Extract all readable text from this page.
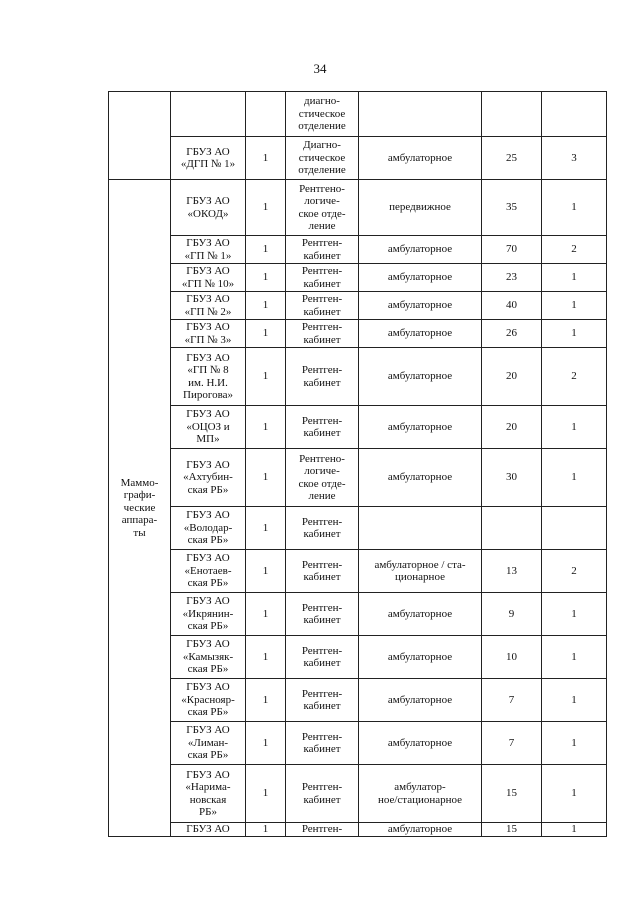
34

			диагно-
стическое
отделение			

	ГБУЗ АО
«ДГП № 1»	1	Диагно-
стическое
отделение	амбулаторное	25	3

Маммо-
графи-
ческие
аппара-
ты	ГБУЗ АО
«ОКОД»	1	Рентгено-
логиче-
ское отде-
ление	передвижное	35	1

	ГБУЗ АО
«ГП № 1»	1	Рентген-
кабинет	амбулаторное	70	2

	ГБУЗ АО
«ГП № 10»	1	Рентген-
кабинет	амбулаторное	23	1

	ГБУЗ АО
«ГП № 2»	1	Рентген-
кабинет	амбулаторное	40	1

	ГБУЗ АО
«ГП № 3»	1	Рентген-
кабинет	амбулаторное	26	1

	ГБУЗ АО
«ГП № 8
им. Н.И.
Пирогова»	1	Рентген-
кабинет	амбулаторное	20	2

	ГБУЗ АО
«ОЦОЗ и
МП»	1	Рентген-
кабинет	амбулаторное	20	1

	ГБУЗ АО
«Ахтубин-
ская РБ»	1	Рентгено-
логиче-
ское отде-
ление	амбулаторное	30	1

	ГБУЗ АО
«Володар-
ская РБ»	1	Рентген-
кабинет			

	ГБУЗ АО
«Енотаев-
ская РБ»	1	Рентген-
кабинет	амбулаторное / ста-
ционарное	13	2

	ГБУЗ АО
«Икрянин-
ская РБ»	1	Рентген-
кабинет	амбулаторное	9	1

	ГБУЗ АО
«Камызяк-
ская РБ»	1	Рентген-
кабинет	амбулаторное	10	1

	ГБУЗ АО
«Краснояр-
ская РБ»	1	Рентген-
кабинет	амбулаторное	7	1

	ГБУЗ АО
«Лиман-
ская РБ»	1	Рентген-
кабинет	амбулаторное	7	1

	ГБУЗ АО
«Нарима-
новская
РБ»	1	Рентген-
кабинет	амбулатор-
ное/стационарное	15	1

	ГБУЗ АО	1	Рентген-	амбулаторное	15	1
